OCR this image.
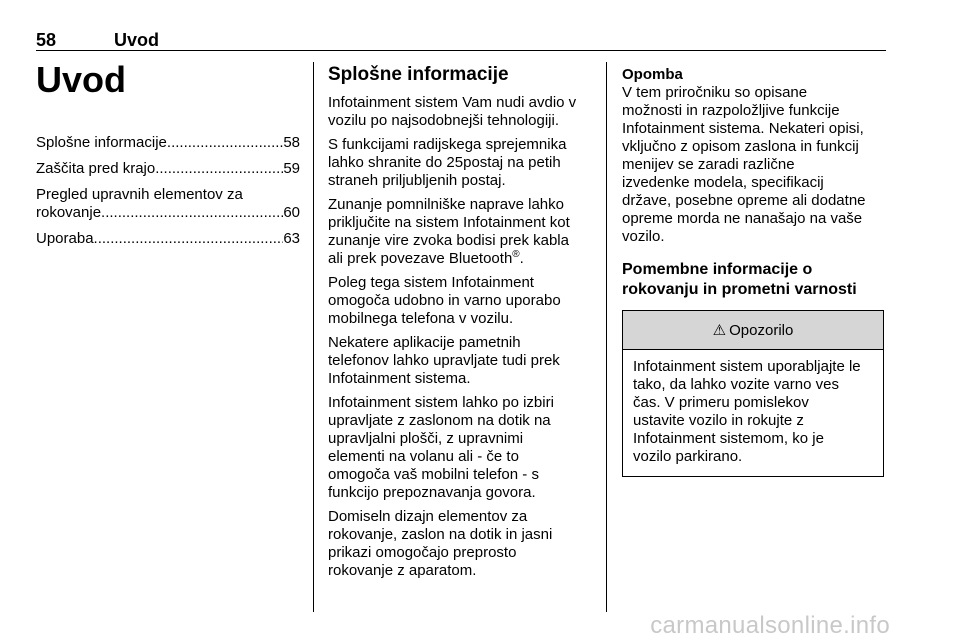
58	Uvod
Uvod
Splošne informacije .....	58
Zaščita pred krajo .....	59
Pregled upravnih elementov za
rokovanje .....	60
Uporaba .....	63
Splošne informacije
Infotainment sistem Vam nudi avdio v
vozilu po najsodobnejši tehnologiji.
S funkcijami radijskega sprejemnika
lahko shranite do 25postaj na petih
straneh priljubljenih postaj.
Zunanje pomnilniške naprave lahko
priključite na sistem Infotainment kot
zunanje vire zvoka bodisi prek kabla
ali prek povezave Bluetooth®.
Poleg tega sistem Infotainment
omogoča udobno in varno uporabo
mobilnega telefona v vozilu.
Nekatere aplikacije pametnih
telefonov lahko upravljate tudi prek
Infotainment sistema.
Infotainment sistem lahko po izbiri
upravljate z zaslonom na dotik na
upravljalni plošči, z upravnimi
elementi na volanu ali - če to
omogoča vaš mobilni telefon - s
funkcijo prepoznavanja govora.
Domiseln dizajn elementov za
rokovanje, zaslon na dotik in jasni
prikazi omogočajo preprosto
rokovanje z aparatom.
Opomba
V tem priročniku so opisane
možnosti in razpoložljive funkcije
Infotainment sistema. Nekateri opisi,
vključno z opisom zaslona in funkcij
menijev se zaradi različne
izvedenke modela, specifikacij
države, posebne opreme ali dodatne
opreme morda ne nanašajo na vaše
vozilo.
Pomembne informacije o
rokovanju in prometni varnosti
⚠ Opozorilo
Infotainment sistem uporabljajte le
tako, da lahko vozite varno ves
čas. V primeru pomislekov
ustavite vozilo in rokujte z
Infotainment sistemom, ko je
vozilo parkirano.
carmanualsonline.info
